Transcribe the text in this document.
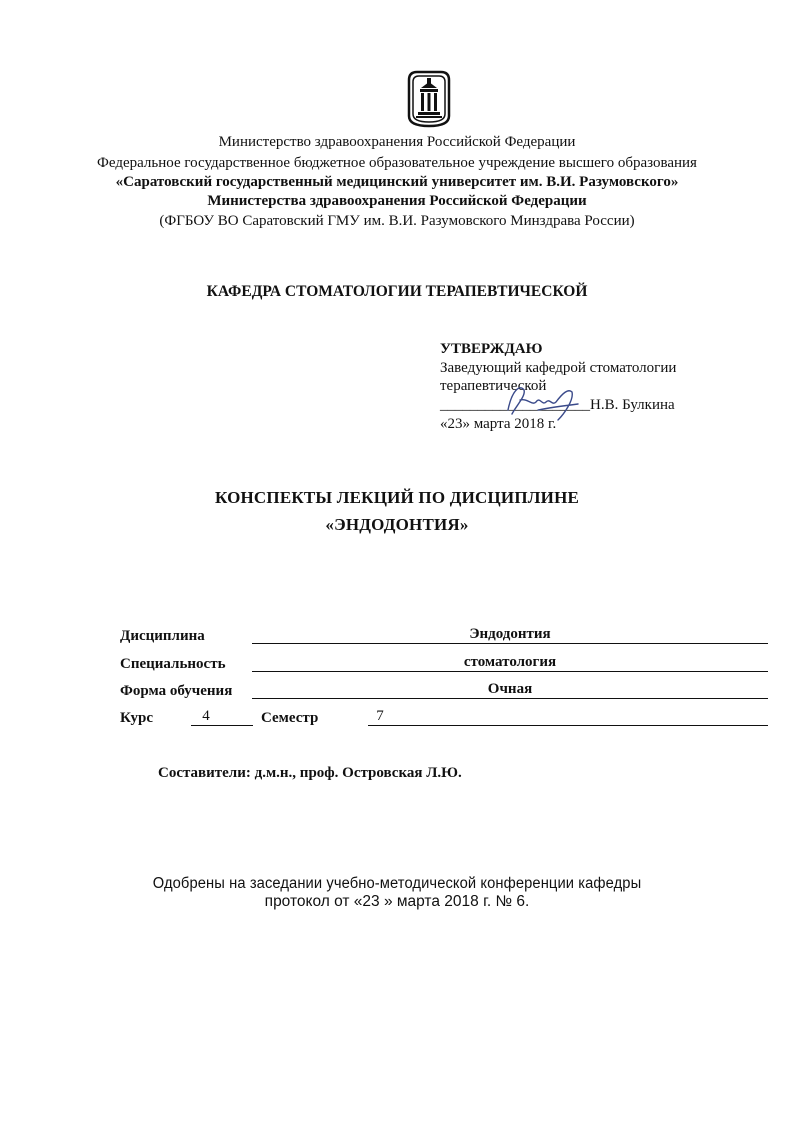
Министерство здравоохранения Российской Федерации
Федеральное государственное бюджетное образовательное учреждение высшего образования
«Саратовский государственный медицинский университет им. В.И. Разумовского»
Министерства здравоохранения Российской Федерации
(ФГБОУ ВО Саратовский ГМУ им. В.И. Разумовского Минздрава России)
КАФЕДРА СТОМАТОЛОГИИ ТЕРАПЕВТИЧЕСКОЙ
УТВЕРЖДАЮ
Заведующий кафедрой стоматологии
терапевтической
____________________Н.В. Булкина
«23» марта 2018 г.
КОНСПЕКТЫ ЛЕКЦИЙ ПО ДИСЦИПЛИНЕ
«ЭНДОДОНТИЯ»
Дисциплина	Эндодонтия
Специальность	стоматология
Форма обучения	Очная
Курс	4	Семестр	7
Составители: д.м.н., проф. Островская Л.Ю.
Одобрены на заседании учебно-методической конференции кафедры
протокол от «23 » марта 2018 г. № 6.
